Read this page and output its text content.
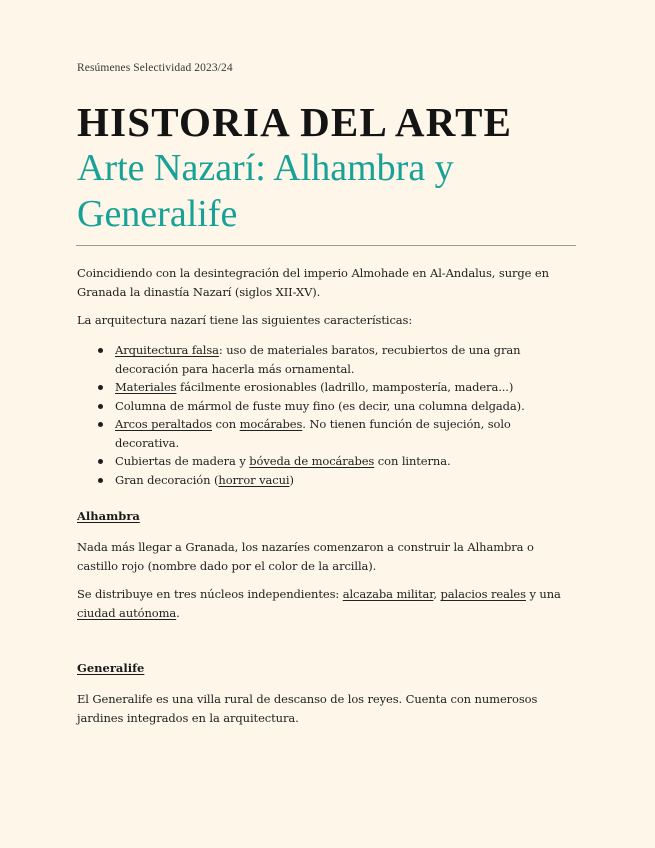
Resúmenes Selectividad 2023/24
HISTORIA DEL ARTE
Arte Nazarí: Alhambra y Generalife

Coincidiendo con la desintegración del imperio Almohade en Al-Andalus, surge en Granada la dinastía Nazarí (siglos XII-XV).

La arquitectura nazarí tiene las siguientes características:

Arquitectura falsa: uso de materiales baratos, recubiertos de una gran decoración para hacerla más ornamental.
Materiales fácilmente erosionables (ladrillo, mampostería, madera...)
Columna de mármol de fuste muy fino (es decir, una columna delgada).
Arcos peraltados con mocárabes. No tienen función de sujeción, solo decorativa.
Cubiertas de madera y bóveda de mocárabes con linterna.
Gran decoración (horror vacui)
Alhambra

Nada más llegar a Granada, los nazaríes comenzaron a construir la Alhambra o castillo rojo (nombre dado por el color de la arcilla).

Se distribuye en tres núcleos independientes: alcazaba militar, palacios reales y una ciudad autónoma.

Generalife

El Generalife es una villa rural de descanso de los reyes. Cuenta con numerosos jardines integrados en la arquitectura.
